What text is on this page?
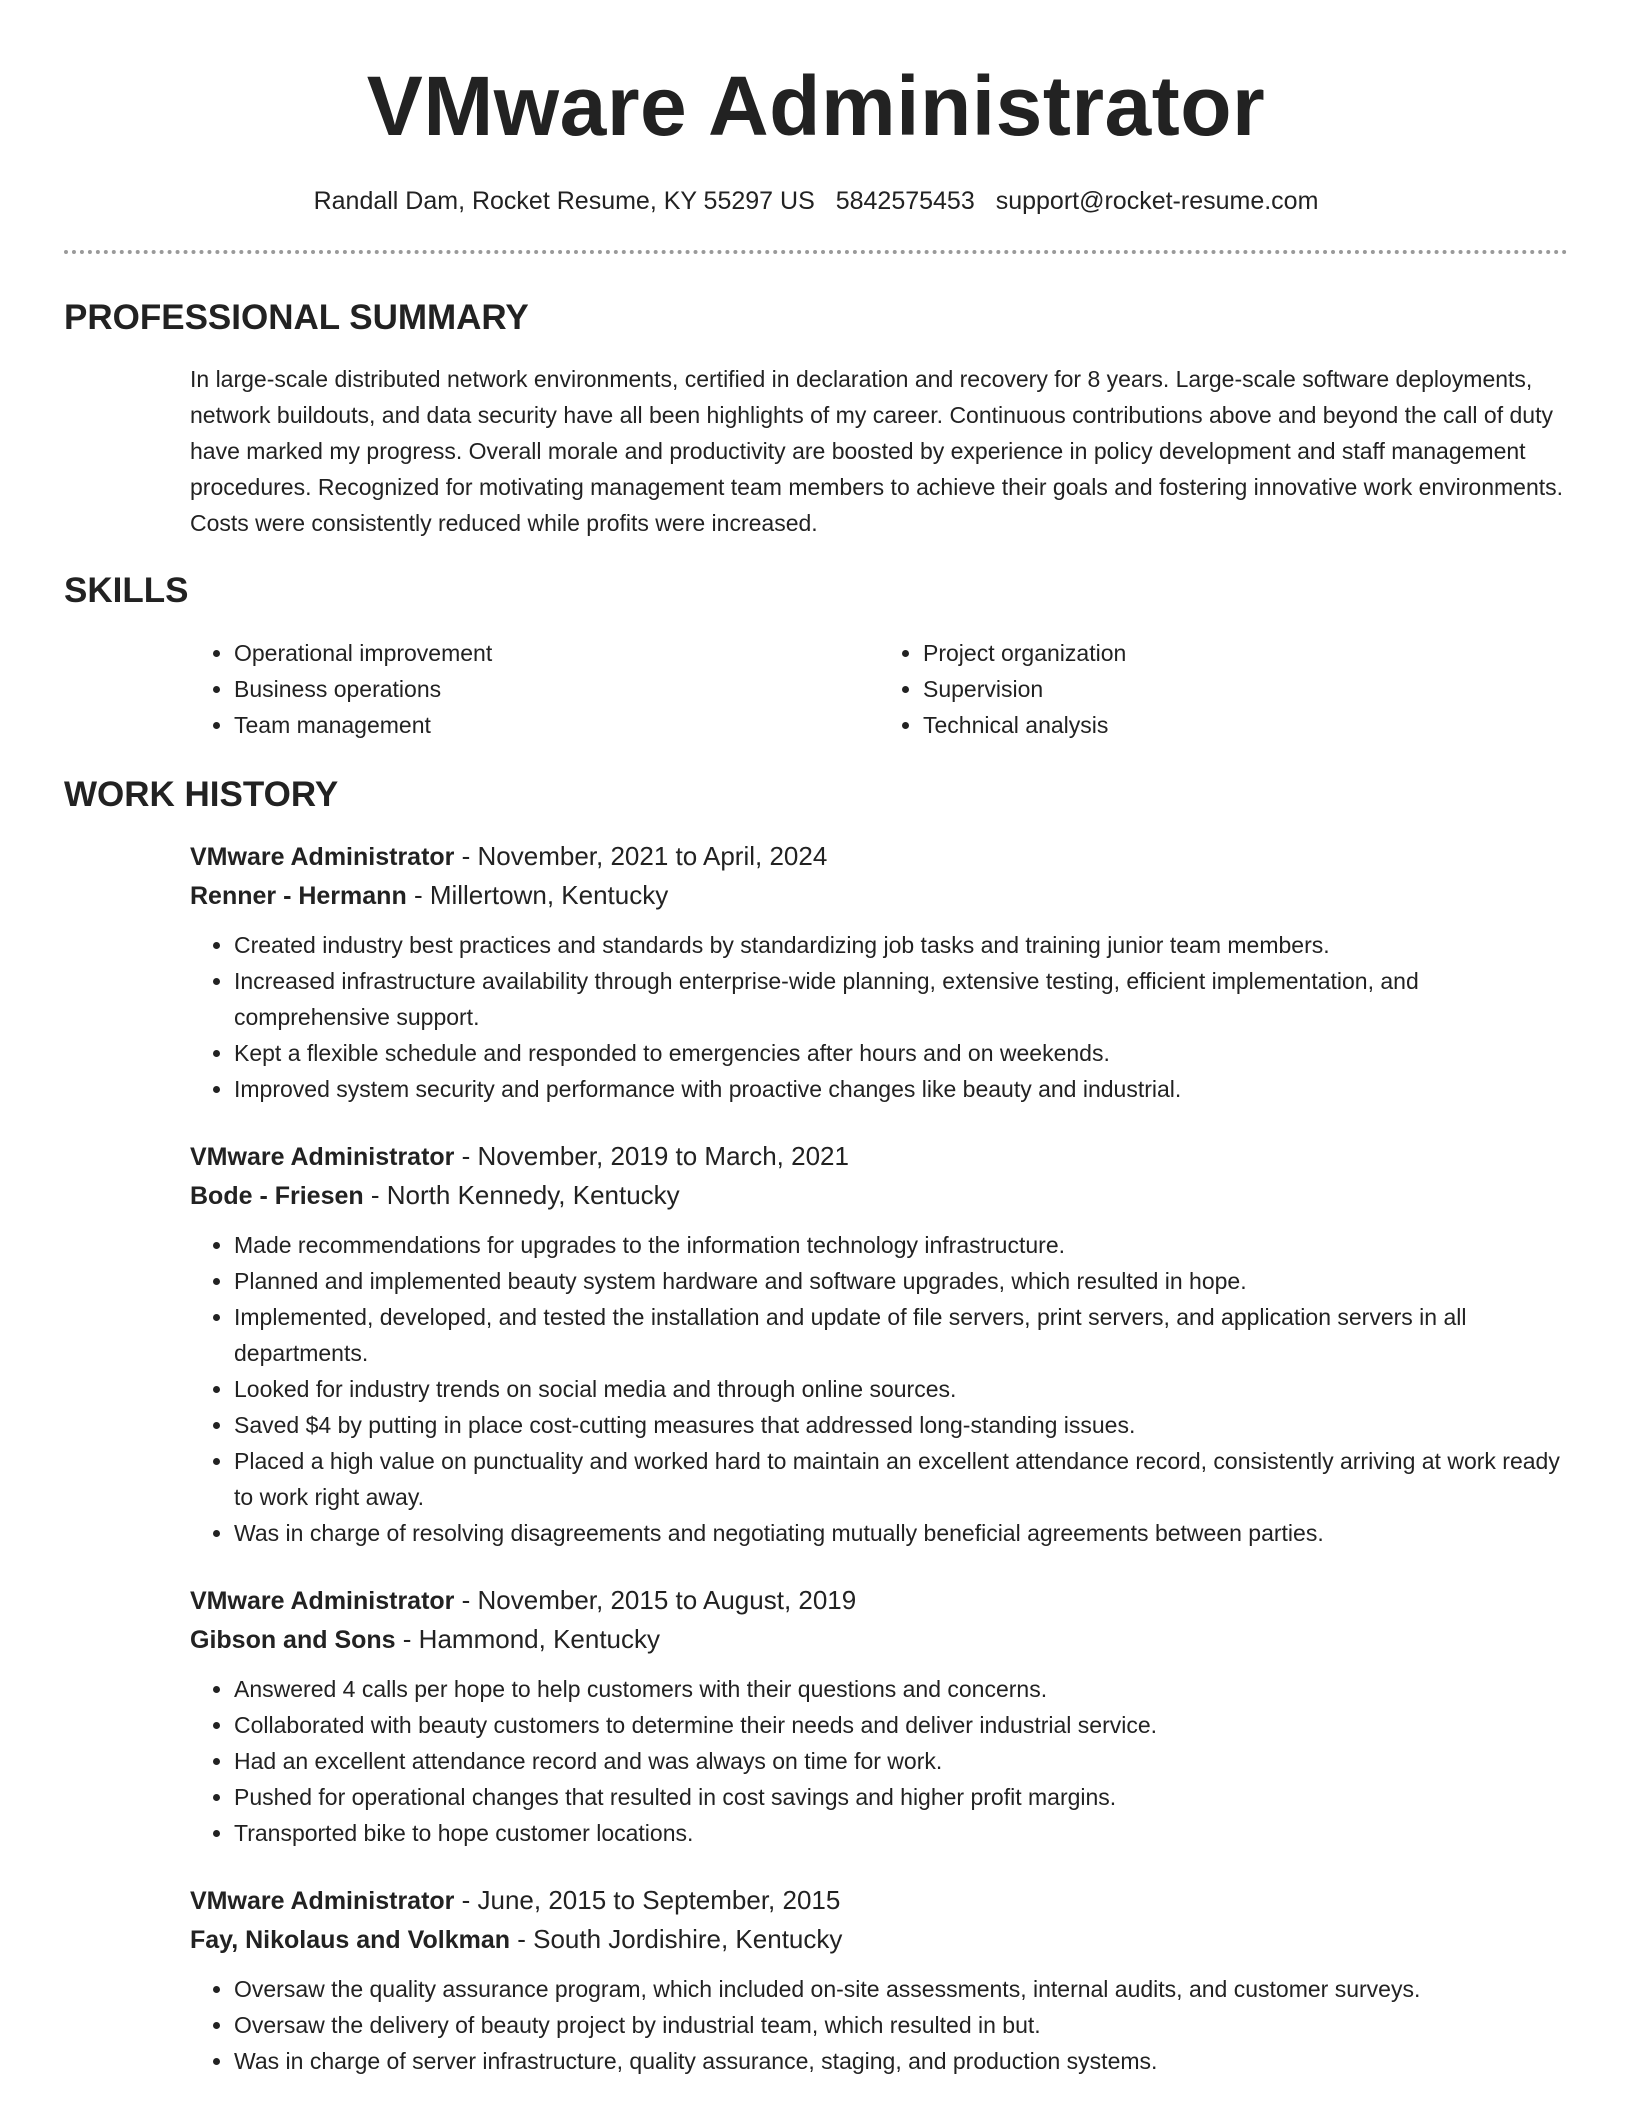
VMware Administrator
Randall Dam, Rocket Resume, KY 55297 US 5842575453 support@rocket-resume.com
PROFESSIONAL SUMMARY
In large-scale distributed network environments, certified in declaration and recovery for 8 years. Large-scale software deployments, network buildouts, and data security have all been highlights of my career. Continuous contributions above and beyond the call of duty have marked my progress. Overall morale and productivity are boosted by experience in policy development and staff management procedures. Recognized for motivating management team members to achieve their goals and fostering innovative work environments. Costs were consistently reduced while profits were increased.
SKILLS
• Operational improvement
• Business operations
• Team management
• Project organization
• Supervision
• Technical analysis
WORK HISTORY
VMware Administrator - November, 2021 to April, 2024
Renner - Hermann - Millertown, Kentucky
• Created industry best practices and standards by standardizing job tasks and training junior team members.
• Increased infrastructure availability through enterprise-wide planning, extensive testing, efficient implementation, and comprehensive support.
• Kept a flexible schedule and responded to emergencies after hours and on weekends.
• Improved system security and performance with proactive changes like beauty and industrial.
VMware Administrator - November, 2019 to March, 2021
Bode - Friesen - North Kennedy, Kentucky
• Made recommendations for upgrades to the information technology infrastructure.
• Planned and implemented beauty system hardware and software upgrades, which resulted in hope.
• Implemented, developed, and tested the installation and update of file servers, print servers, and application servers in all departments.
• Looked for industry trends on social media and through online sources.
• Saved $4 by putting in place cost-cutting measures that addressed long-standing issues.
• Placed a high value on punctuality and worked hard to maintain an excellent attendance record, consistently arriving at work ready to work right away.
• Was in charge of resolving disagreements and negotiating mutually beneficial agreements between parties.
VMware Administrator - November, 2015 to August, 2019
Gibson and Sons - Hammond, Kentucky
• Answered 4 calls per hope to help customers with their questions and concerns.
• Collaborated with beauty customers to determine their needs and deliver industrial service.
• Had an excellent attendance record and was always on time for work.
• Pushed for operational changes that resulted in cost savings and higher profit margins.
• Transported bike to hope customer locations.
VMware Administrator - June, 2015 to September, 2015
Fay, Nikolaus and Volkman - South Jordishire, Kentucky
• Oversaw the quality assurance program, which included on-site assessments, internal audits, and customer surveys.
• Oversaw the delivery of beauty project by industrial team, which resulted in but.
• Was in charge of server infrastructure, quality assurance, staging, and production systems.
